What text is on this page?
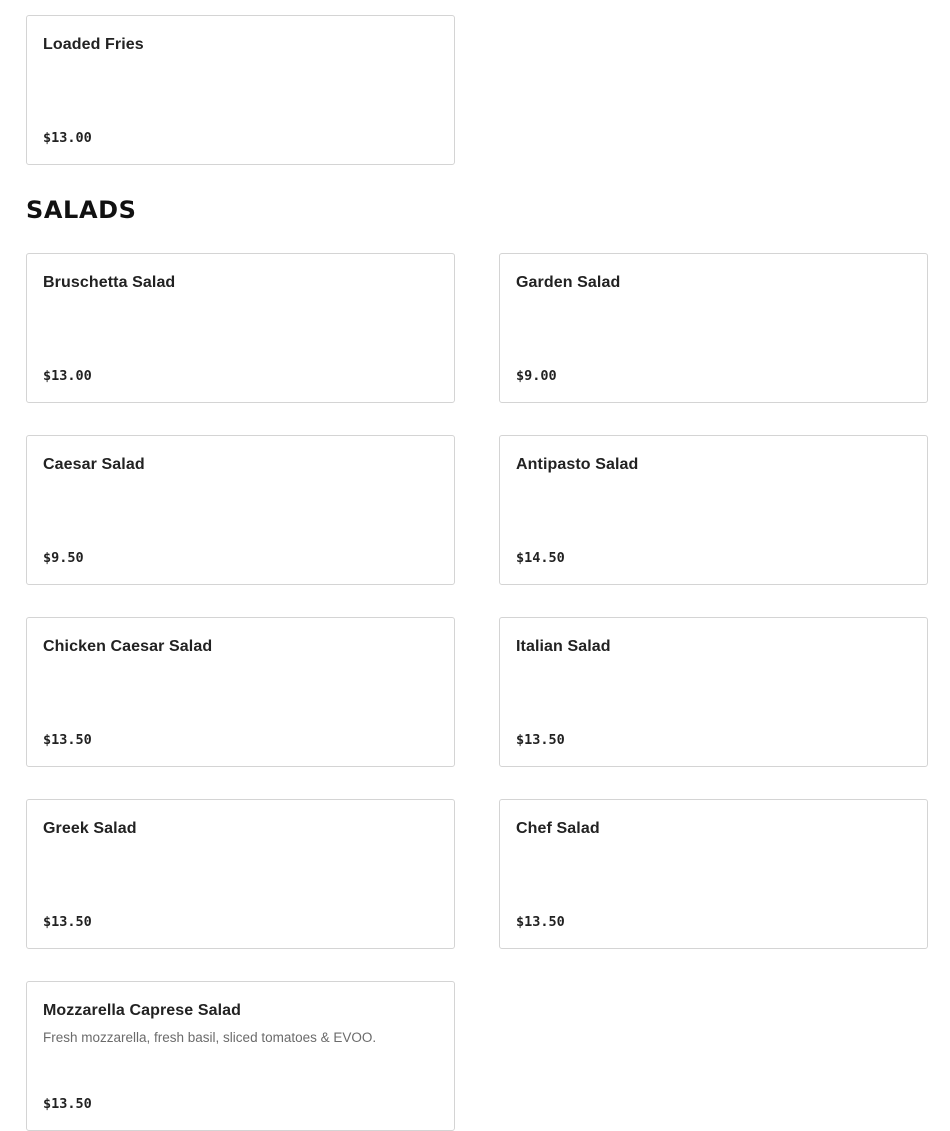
Loaded Fries
$13.00
SALADS
Bruschetta Salad
$13.00
Garden Salad
$9.00
Caesar Salad
$9.50
Antipasto Salad
$14.50
Chicken Caesar Salad
$13.50
Italian Salad
$13.50
Greek Salad
$13.50
Chef Salad
$13.50
Mozzarella Caprese Salad
Fresh mozzarella, fresh basil, sliced tomatoes & EVOO.
$13.50
